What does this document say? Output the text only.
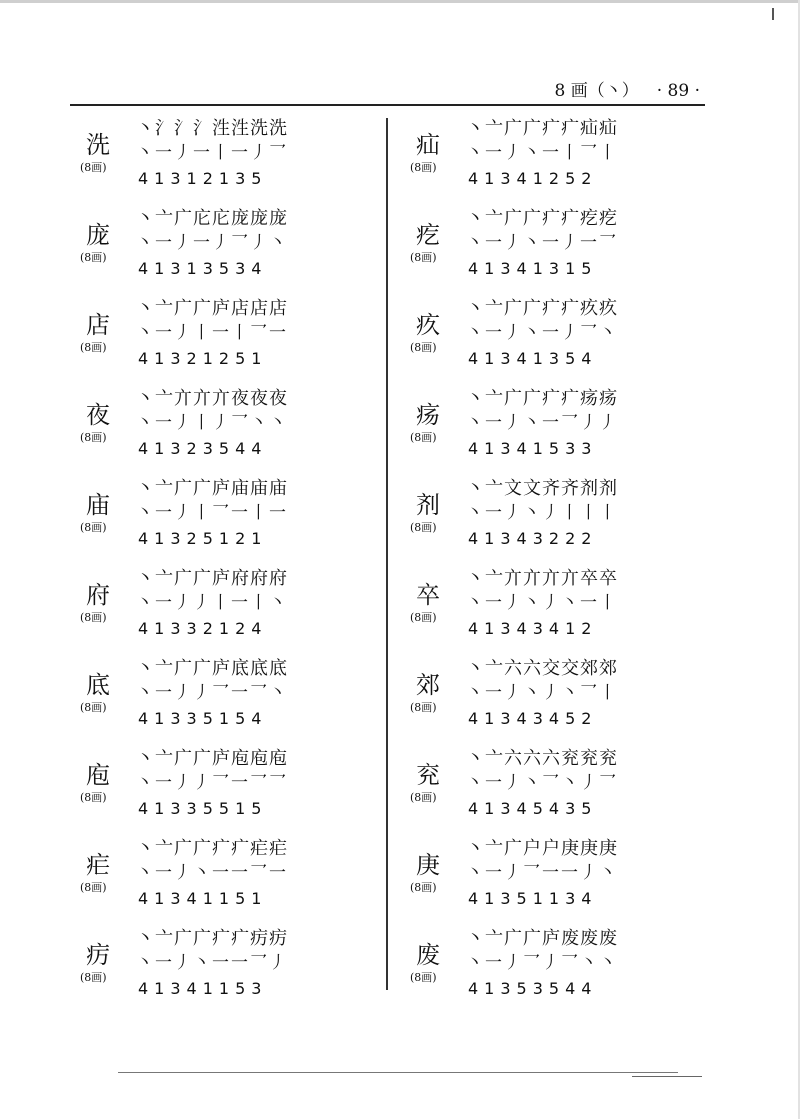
8 画（丶） · 89 ·
洗
(8画)
丶氵氵氵泩泩洗洗
丶一丿一丨一丿乛
41312135
庞
(8画)
丶亠广庀庀庞庞庞
丶一丿一丿乛丿丶
41313534
店
(8画)
丶亠广广庐店店店
丶一丿丨一丨乛一
41321251
夜
(8画)
丶亠亣亣亣夜夜夜
丶一丿丨丿乛丶丶
41323544
庙
(8画)
丶亠广广庐庙庙庙
丶一丿丨乛一丨一
41325121
府
(8画)
丶亠广广庐府府府
丶一丿丿丨一丨丶
41332124
底
(8画)
丶亠广广庐底底底
丶一丿丿乛一乛丶
41335154
庖
(8画)
丶亠广广庐庖庖庖
丶一丿丿乛一乛乛
41335515
疟
(8画)
丶亠广广疒疒疟疟
丶一丿丶一一乛一
41341151
疠
(8画)
丶亠广广疒疒疠疠
丶一丿丶一一乛丿
41341153
疝
(8画)
丶亠广广疒疒疝疝
丶一丿丶一丨乛丨
41341252
疙
(8画)
丶亠广广疒疒疙疙
丶一丿丶一丿一乛
41341315
疚
(8画)
丶亠广广疒疒疚疚
丶一丿丶一丿乛丶
41341354
疡
(8画)
丶亠广广疒疒疡疡
丶一丿丶一乛丿丿
41341533
剂
(8画)
丶亠文文齐齐剂剂
丶一丿丶丿丨丨丨
41343222
卒
(8画)
丶亠亣亣亣亣卒卒
丶一丿丶丿丶一丨
41343412
郊
(8画)
丶亠六六交交郊郊
丶一丿丶丿丶乛丨
41343452
兖
(8画)
丶亠六六六兖兖兖
丶一丿丶乛丶丿乛
41345435
庚
(8画)
丶亠广户户庚庚庚
丶一丿乛一一丿丶
41351134
废
(8画)
丶亠广广庐废废废
丶一丿乛丿乛丶丶
41353544
